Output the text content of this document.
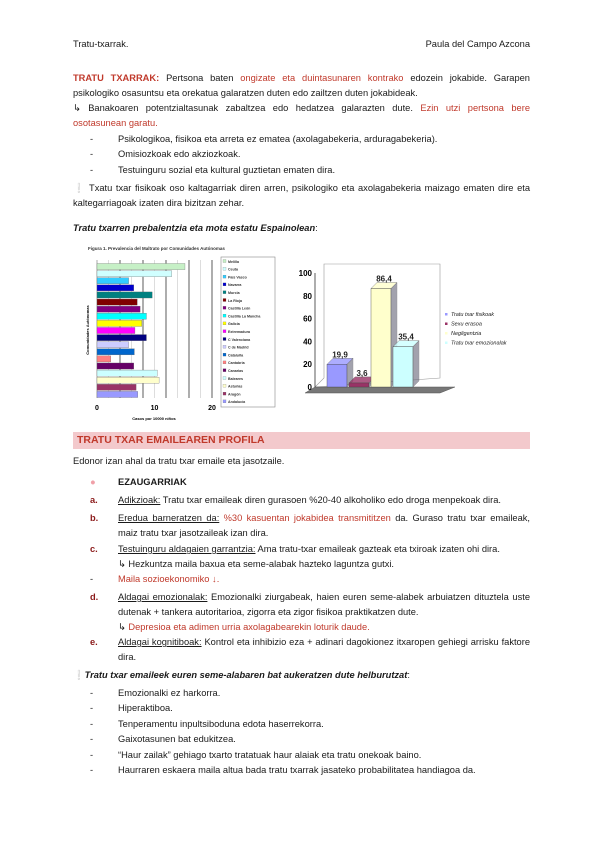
Tratu-txarrak.	Paula del Campo Azcona
TRATU TXARRAK: Pertsona baten ongizate eta duintasunaren kontrako edozein jokabide. Garapen psikologiko osasuntsu eta orekatua galaratzen duten edo zailtzen duten jokabideak.
↳ Banakoaren potentzialtasunak zabaltzea edo hedatzea galarazten dute. Ezin utzi pertsona bere osotasunean garatu.
-	Psikologikoa, fisikoa eta arreta ez ematea (axolagabekeria, arduragabekeria).
-	Omisiozkoak edo akziozkoak.
-	Testuinguru sozial eta kultural guztietan ematen dira.
❕ Txatu txar fisikoak oso kaltagarriak diren arren, psikologiko eta axolagabekeria maizago ematen dire eta kaltegarriagoak izaten dira bizitzan zehar.
Tratu txarren prebalentzia eta mota estatu Espainolean:
Figura 1. Prevalencia del Maltrato por Comunidades Autónomas
0	10	20
Casos por 10000 niños
Comunidades Autónomas
Melilla
Ceuta
País Vasco
Navarra
Murcia
La Rioja
Castilla León
Castilla La Mancha
Galicia
Extremadura
C Valenciana
C de Madrid
Cataluña
Cantabria
Canarias
Baleares
Asturias
Aragón
Andalucía
0
20
40
60
80
100
19,9
3,6
86,4
35,4
Tratu txar fisikoak
Sexu erasoa
Negligentzia
Tratu txar emozionalak
TRATU TXAR EMAILEAREN PROFILA
Edonor izan ahal da tratu txar emaile eta jasotzaile.
●	EZAUGARRIAK
a.	Adikzioak: Tratu txar emaileak diren gurasoen %20-40 alkoholiko edo droga menpekoak dira.
b.	Eredua barneratzen da: %30 kasuentan jokabidea transmititzen da. Guraso tratu txar emaileak, maiz tratu txar jasotzaileak izan dira.
c.	Testuinguru aldagaien garrantzia: Ama tratu-txar emaileak gazteak eta txiroak izaten ohi dira.
↳ Hezkuntza maila baxua eta seme-alabak hazteko laguntza gutxi.
-	Maila sozioekonomiko ↓.
d.	Aldagai emozionalak: Emozionalki ziurgabeak, haien euren seme-alabek arbuiatzen dituztela uste dutenak + tankera autoritarioa, zigorra eta zigor fisikoa praktikatzen dute.
↳ Depresioa eta adimen urria axolagabearekin loturik daude.
e.	Aldagai kognitiboak: Kontrol eta inhibizio eza + adinari dagokionez itxaropen gehiegi arrisku faktore dira.
❕Tratu txar emaileek euren seme-alabaren bat aukeratzen dute helburutzat:
-	Emozionalki ez harkorra.
-	Hiperaktiboa.
-	Tenperamentu inpultsiboduna edota haserrekorra.
-	Gaixotasunen bat edukitzea.
-	“Haur zailak” gehiago txarto tratatuak haur alaiak eta tratu onekoak baino.
-	Haurraren eskaera maila altua bada tratu txarrak jasateko probabilitatea handiagoa da.
